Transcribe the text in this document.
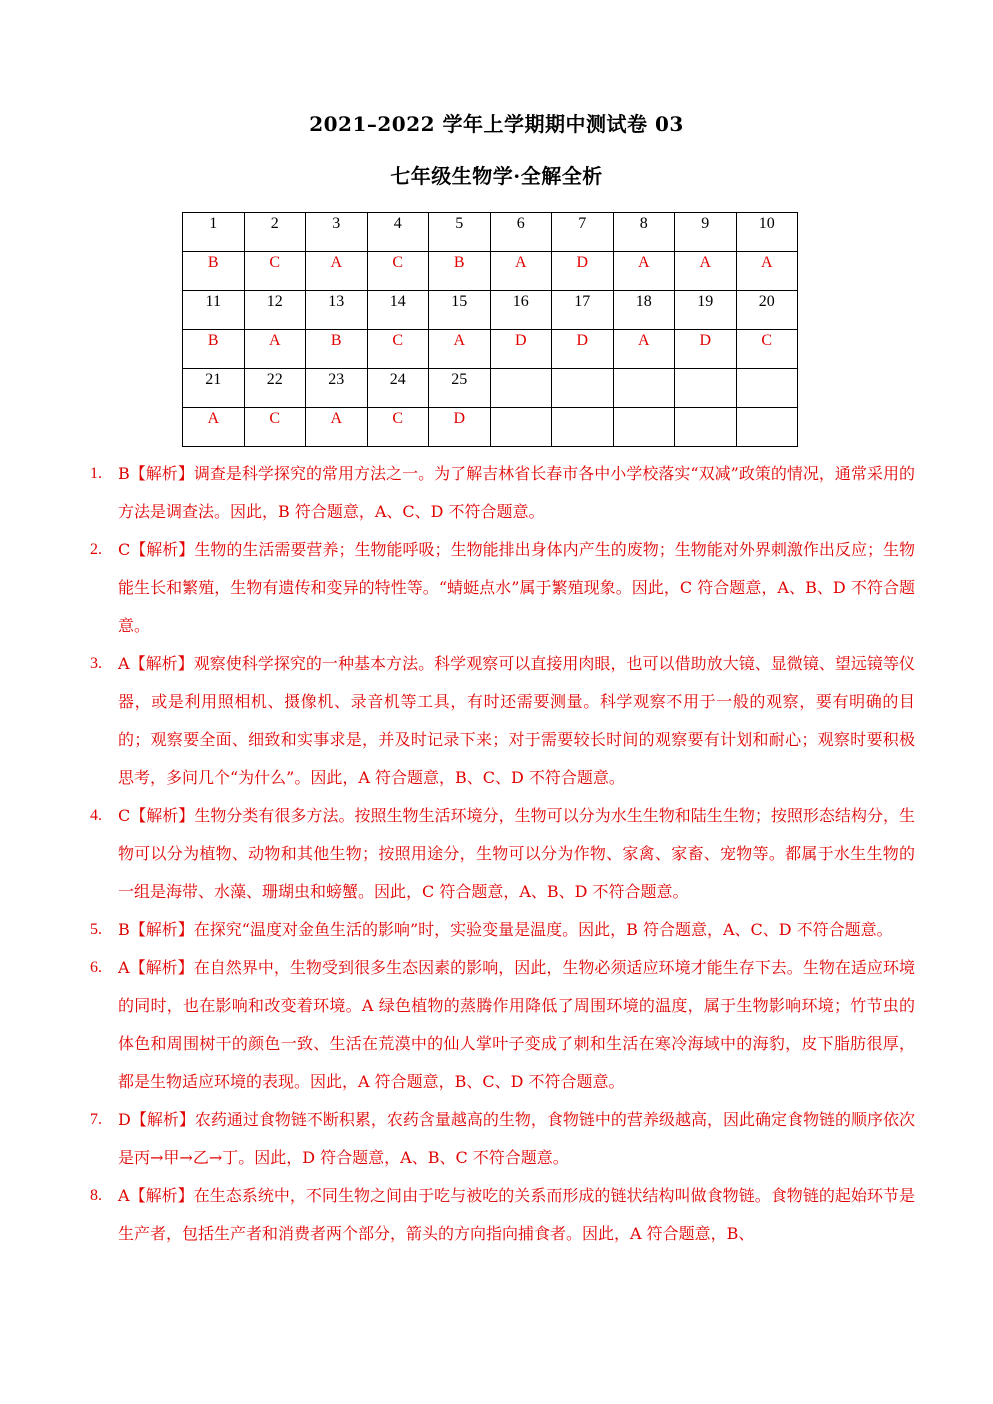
2021–2022 学年上学期期中测试卷 03
七年级生物学·全解全析
1	2	3	4	5	6	7	8	9	10
B	C	A	C	B	A	D	A	A	A
11	12	13	14	15	16	17	18	19	20
B	A	B	C	A	D	D	A	D	C
21	22	23	24	25					
A	C	A	C	D					
1.	B【解析】调查是科学探究的常用方法之一。为了解吉林省长春市各中小学校落实“双减”政策的情况，通常采用的方法是调查法。因此，B 符合题意，A、C、D 不符合题意。
2.	C【解析】生物的生活需要营养；生物能呼吸；生物能排出身体内产生的废物；生物能对外界刺激作出反应；生物能生长和繁殖，生物有遗传和变异的特性等。“蜻蜓点水”属于繁殖现象。因此，C 符合题意，A、B、D 不符合题意。
3.	A【解析】观察使科学探究的一种基本方法。科学观察可以直接用肉眼，也可以借助放大镜、显微镜、望远镜等仪器，或是利用照相机、摄像机、录音机等工具，有时还需要测量。科学观察不用于一般的观察，要有明确的目的；观察要全面、细致和实事求是，并及时记录下来；对于需要较长时间的观察要有计划和耐心；观察时要积极思考，多问几个“为什么”。因此，A 符合题意，B、C、D 不符合题意。
4.	C【解析】生物分类有很多方法。按照生物生活环境分，生物可以分为水生生物和陆生生物；按照形态结构分，生物可以分为植物、动物和其他生物；按照用途分，生物可以分为作物、家禽、家畜、宠物等。都属于水生生物的一组是海带、水藻、珊瑚虫和螃蟹。因此，C 符合题意，A、B、D 不符合题意。
5.	B【解析】在探究“温度对金鱼生活的影响”时，实验变量是温度。因此，B 符合题意，A、C、D 不符合题意。
6.	A【解析】在自然界中，生物受到很多生态因素的影响，因此，生物必须适应环境才能生存下去。生物在适应环境的同时，也在影响和改变着环境。A 绿色植物的蒸腾作用降低了周围环境的温度，属于生物影响环境；竹节虫的体色和周围树干的颜色一致、生活在荒漠中的仙人掌叶子变成了刺和生活在寒冷海域中的海豹，皮下脂肪很厚，都是生物适应环境的表现。因此，A 符合题意，B、C、D 不符合题意。
7.	D【解析】农药通过食物链不断积累，农药含量越高的生物，食物链中的营养级越高，因此确定食物链的顺序依次是丙→甲→乙→丁。因此，D 符合题意，A、B、C 不符合题意。
8.	A【解析】在生态系统中，不同生物之间由于吃与被吃的关系而形成的链状结构叫做食物链。食物链的起始环节是生产者，包括生产者和消费者两个部分，箭头的方向指向捕食者。因此，A 符合题意，B、
